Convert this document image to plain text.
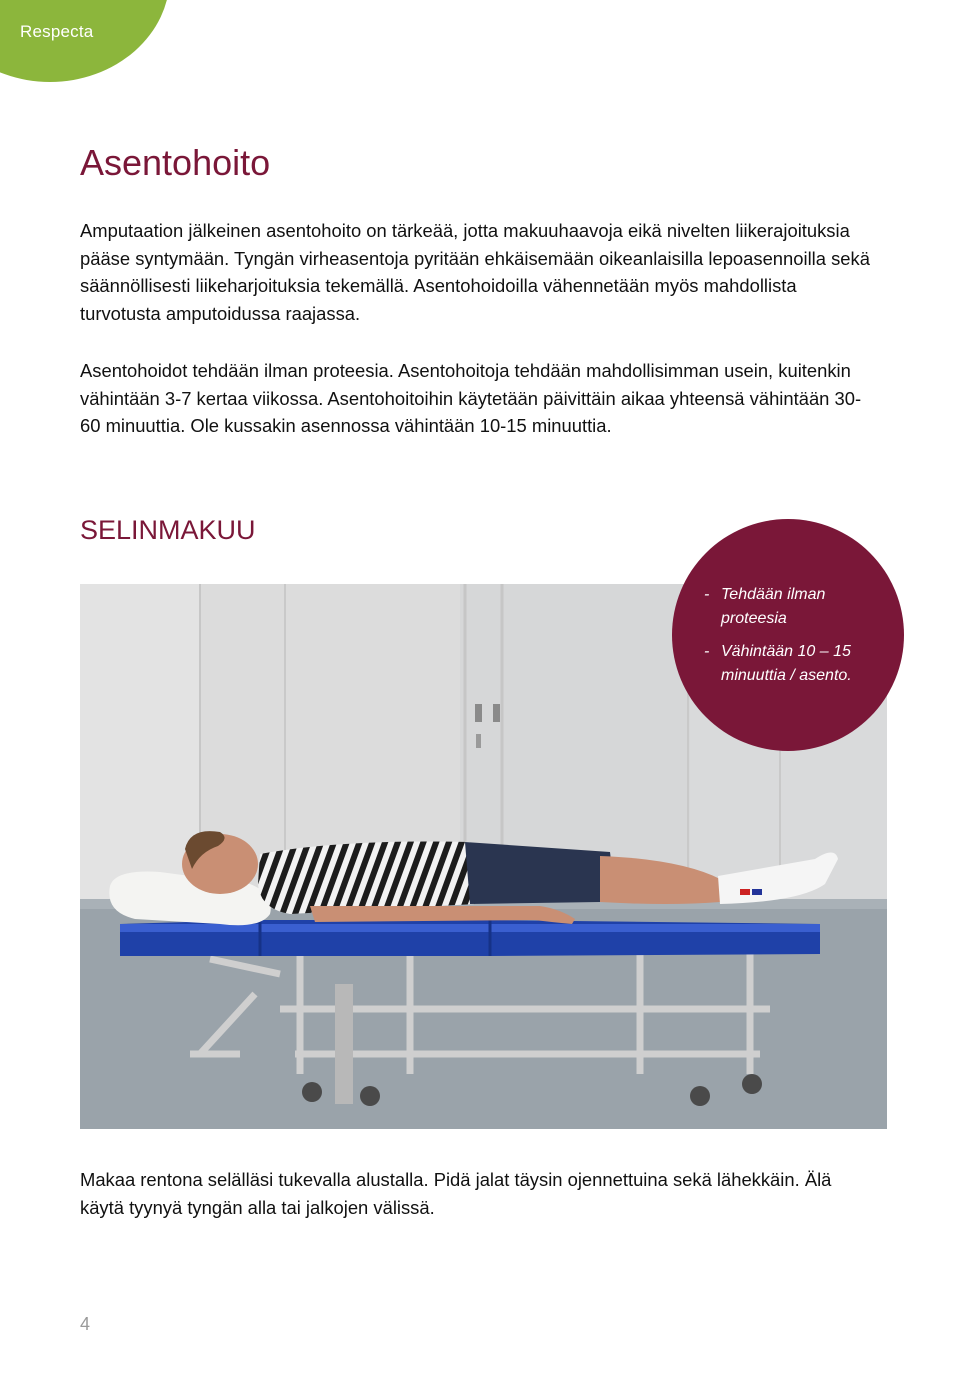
Respecta
Asentohoito

Amputaation jälkeinen asentohoito on tärkeää, jotta makuuhaavoja eikä nivelten liikerajoituksia pääse syntymään. Tyngän virheasentoja pyritään ehkäisemään oikeanlaisilla lepoasennoilla sekä säännöllisesti liikeharjoituksia tekemällä. Asentohoidoilla vähennetään myös mahdollista turvotusta amputoidussa raajassa.

Asentohoidot tehdään ilman proteesia. Asentohoitoja tehdään mahdollisimman usein, kuitenkin vähintään 3-7 kertaa viikossa. Asentohoitoihin käytetään päivittäin aikaa yhteensä vähintään 30-60 minuuttia. Ole kussakin asennossa vähintään 10-15 minuuttia.

SELINMAKUU
- Tehdään ilman proteesia
- Vähintään 10 – 15 minuuttia / asento.

Makaa rentona selälläsi tukevalla alustalla. Pidä jalat täysin ojennettuina sekä lähekkäin. Älä käytä tyynyä tyngän alla tai jalkojen välissä.

4
